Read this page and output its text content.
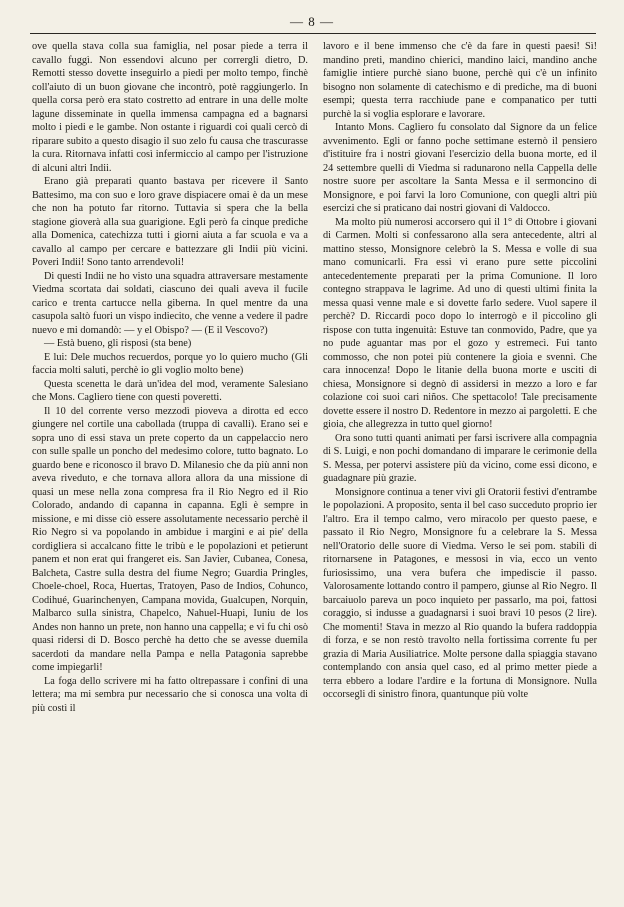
— 8 —

ove quella stava colla sua famiglia, nel posar piede a terra il cavallo fuggì. Non essendovi alcuno per corrergli dietro, D. Remotti stesso dovette inseguirlo a piedi per molto tempo, finchè coll'aiuto di un buon giovane che incontrò, potè raggiungerlo. In quella corsa però era stato costretto ad entrare in una delle molte lagune disseminate in quella immensa campagna ed a bagnarsi molto i piedi e le gambe. Non ostante i riguardi coi quali cercò di riparare subito a questo disagio il suo zelo fu causa che trascurasse la cura. Ritornava infatti così infermiccio al campo per l'istruzione di alcuni altri Indii.

Erano già preparati quanto bastava per ricevere il Santo Battesimo, ma con suo e loro grave dispiacere omai è da un mese che non ha potuto far ritorno. Tuttavia si spera che la bella stagione gioverà alla sua guarigione. Egli però fa cinque prediche alla Domenica, catechizza tutti i giorni aiuta a far scuola e va a cavallo al campo per cercare e battezzare gli Indii più vicini. Poveri Indii! Sono tanto arrendevoli!

Di questi Indii ne ho visto una squadra attraversare mestamente Viedma scortata dai soldati, ciascuno dei quali aveva il fucile carico e trenta cartucce nella giberna. In quel mentre da una casupola saltò fuori un vispo indiecito, che venne a vedere il padre nuevo e mi domandò: — y el Obispo? — (E il Vescovo?)

— Està bueno, gli risposi (sta bene)

E lui: Dele muchos recuerdos, porque yo lo quiero mucho (Gli faccia molti saluti, perchè io gli voglio molto bene)

Questa scenetta le darà un'idea del mod, veramente Salesiano che Mons. Cagliero tiene con questi poveretti.

Il 10 del corrente verso mezzodì pioveva a dirotta ed ecco giungere nel cortile una cabollada (truppa di cavalli). Erano sei e sopra uno di essi stava un prete coperto da un cappelaccio nero con sulle spalle un poncho del medesimo colore, tutto bagnato. Lo guardo bene e riconosco il bravo D. Milanesio che da più anni non aveva riveduto, e che tornava allora allora da una missione di quasi un mese nella zona compresa fra il Rio Negro ed il Rio Colorado, andando di capanna in capanna. Egli è sempre in missione, e mi disse ciò essere assolutamente necessario perchè il Rio Negro si va popolando in ambidue i margini e ai pie' della cordigliera si accalcano fitte le tribù e le popolazioni et petierunt panem et non erat qui frangeret eis. San Javier, Cubanea, Conesa, Balcheta, Castre sulla destra del fiume Negro; Guardia Pringles, Choele-choel, Roca, Huertas, Tratoyen, Paso de Indios, Cohunco, Codihué, Guarinchenyen, Campana movida, Gualcupen, Norquin, Malbarco sulla sinistra, Chapelco, Nahuel-Huapi, Iuniu de los Andes non hanno un prete, non hanno una cappella; e vi fu chi osò quasi ridersi di D. Bosco perchè ha detto che se avesse duemila sacerdoti da mandare nella Pampa e nella Patagonia saprebbe come impiegarli!

La foga dello scrivere mi ha fatto oltrepassare i confini di una lettera; ma mi sembra pur necessario che si conosca una volta di più costì il

lavoro e il bene immenso che c'è da fare in questi paesi! Sì! mandino preti, mandino chierici, mandino laici, mandino anche famiglie intiere purchè siano buone, perchè qui c'è un infinito bisogno non solamente di catechismo e di prediche, ma di buoni esempi; questa terra racchiude pane e companatico per tutti purchè la si voglia esplorare e lavorare.

Intanto Mons. Cagliero fu consolato dal Signore da un felice avvenimento. Egli or fanno poche settimane esternò il pensiero d'istituire fra i nostri giovani l'esercizio della buona morte, ed il 24 settembre quelli di Viedma si radunarono nella Cappella delle nostre suore per ascoltare la Santa Messa e il sermoncino di Monsignore, e poi farvi la loro Comunione, con quegli altri più esercizi che si praticano dai nostri giovani di Valdocco.

Ma molto più numerosi accorsero qui il 1° di Ottobre i giovani di Carmen. Molti si confessarono alla sera antecedente, altri al mattino stesso, Monsignore celebrò la S. Messa e volle di sua mano comunicarli. Fra essi vi erano pure sette piccolini antecedentemente preparati per la prima Comunione. Il loro contegno strappava le lagrime. Ad uno di questi ultimi finita la messa quasi venne male e si dovette farlo sedere. Vuol sapere il perchè? D. Riccardi poco dopo lo interrogò e il piccolino gli rispose con tutta ingenuità: Estuve tan conmovido, Padre, que ya no pude aguantar mas por el gozo y estremecì. Fui tanto commosso, che non potei più contenere la gioia e svenni. Che cara innocenza! Dopo le litanie della buona morte e usciti di chiesa, Monsignore si degnò di assidersi in mezzo a loro e far colazione coi suoi cari niños. Che spettacolo! Tale precisamente dovette essere il nostro D. Redentore in mezzo ai pargoletti. E che gioia, che allegrezza in tutto quel giorno!

Ora sono tutti quanti animati per farsi iscrivere alla compagnia di S. Luigi, e non pochi domandano di imparare le cerimonie della S. Messa, per potervi assistere più da vicino, come essi dicono, e guadagnare più grazie.

Monsignore continua a tener vivi gli Oratorii festivi d'entrambe le popolazioni. A proposito, senta il bel caso succeduto proprio ier l'altro. Era il tempo calmo, vero miracolo per questo paese, e passato il Rio Negro, Monsignore fu a celebrare la S. Messa nell'Oratorio delle suore di Viedma. Verso le sei pom. stabilì di ritornarsene in Patagones, e messosi in via, ecco un vento furiosissimo, una vera bufera che impediscie il passo. Valorosamente lottando contro il pampero, giunse al Rio Negro. Il barcaiuolo pareva un poco inquieto per passarlo, ma poi, fattosi coraggio, si indusse a guadagnarsi i suoi bravi 10 pesos (2 lire). Che momenti! Stava in mezzo al Rio quando la bufera raddoppia di forza, e se non restò travolto nella fortissima corrente fu per grazia di Maria Ausiliatrice. Molte persone dalla spiaggia stavano contemplando con ansia quel caso, ed al primo metter piede a terra ebbero a lodare l'ardire e la fortuna di Monsignore. Nulla occorsegli di sinistro finora, quantunque più volte
